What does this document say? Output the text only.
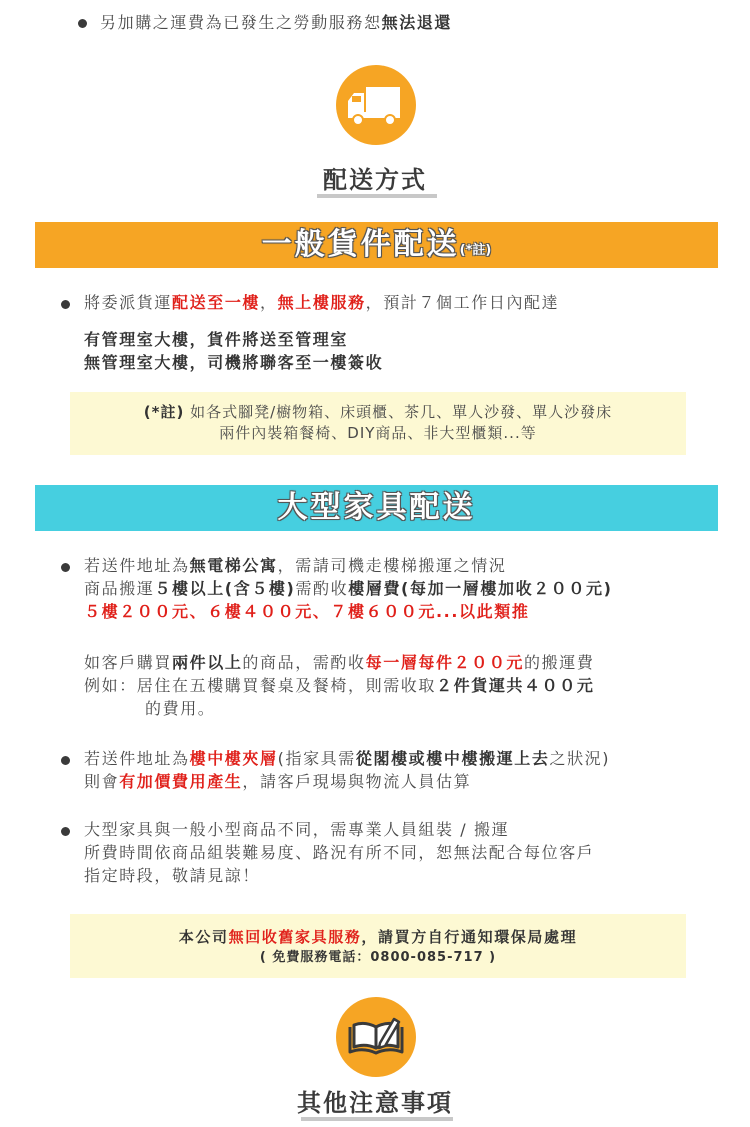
另加購之運費為已發生之勞動服務恕無法退還
配送方式
一般貨件配送(*註)
將委派貨運配送至一樓，無上樓服務，預計７個工作日內配達
有管理室大樓，貨件將送至管理室
無管理室大樓，司機將聯客至一樓簽收
(*註) 如各式腳凳/櫥物箱、床頭櫃、茶几、單人沙發、單人沙發床
兩件內裝箱餐椅、DIY商品、非大型櫃類...等
大型家具配送
若送件地址為無電梯公寓，需請司機走樓梯搬運之情況
商品搬運５樓以上(含５樓)需酌收樓層費(每加一層樓加收２００元)
５樓２００元、６樓４００元、７樓６００元...以此類推
如客戶購買兩件以上的商品，需酌收每一層每件２００元的搬運費
例如：居住在五樓購買餐桌及餐椅，則需收取２件貨運共４００元
的費用。
若送件地址為樓中樓夾層(指家具需從閣樓或樓中樓搬運上去之狀況)
則會有加價費用產生，請客戶現場與物流人員估算
大型家具與一般小型商品不同，需專業人員組裝 / 搬運
所費時間依商品組裝難易度、路況有所不同，恕無法配合每位客戶
指定時段，敬請見諒！
本公司無回收舊家具服務，請買方自行通知環保局處理
( 免費服務電話：0800-085-717 )
其他注意事項
